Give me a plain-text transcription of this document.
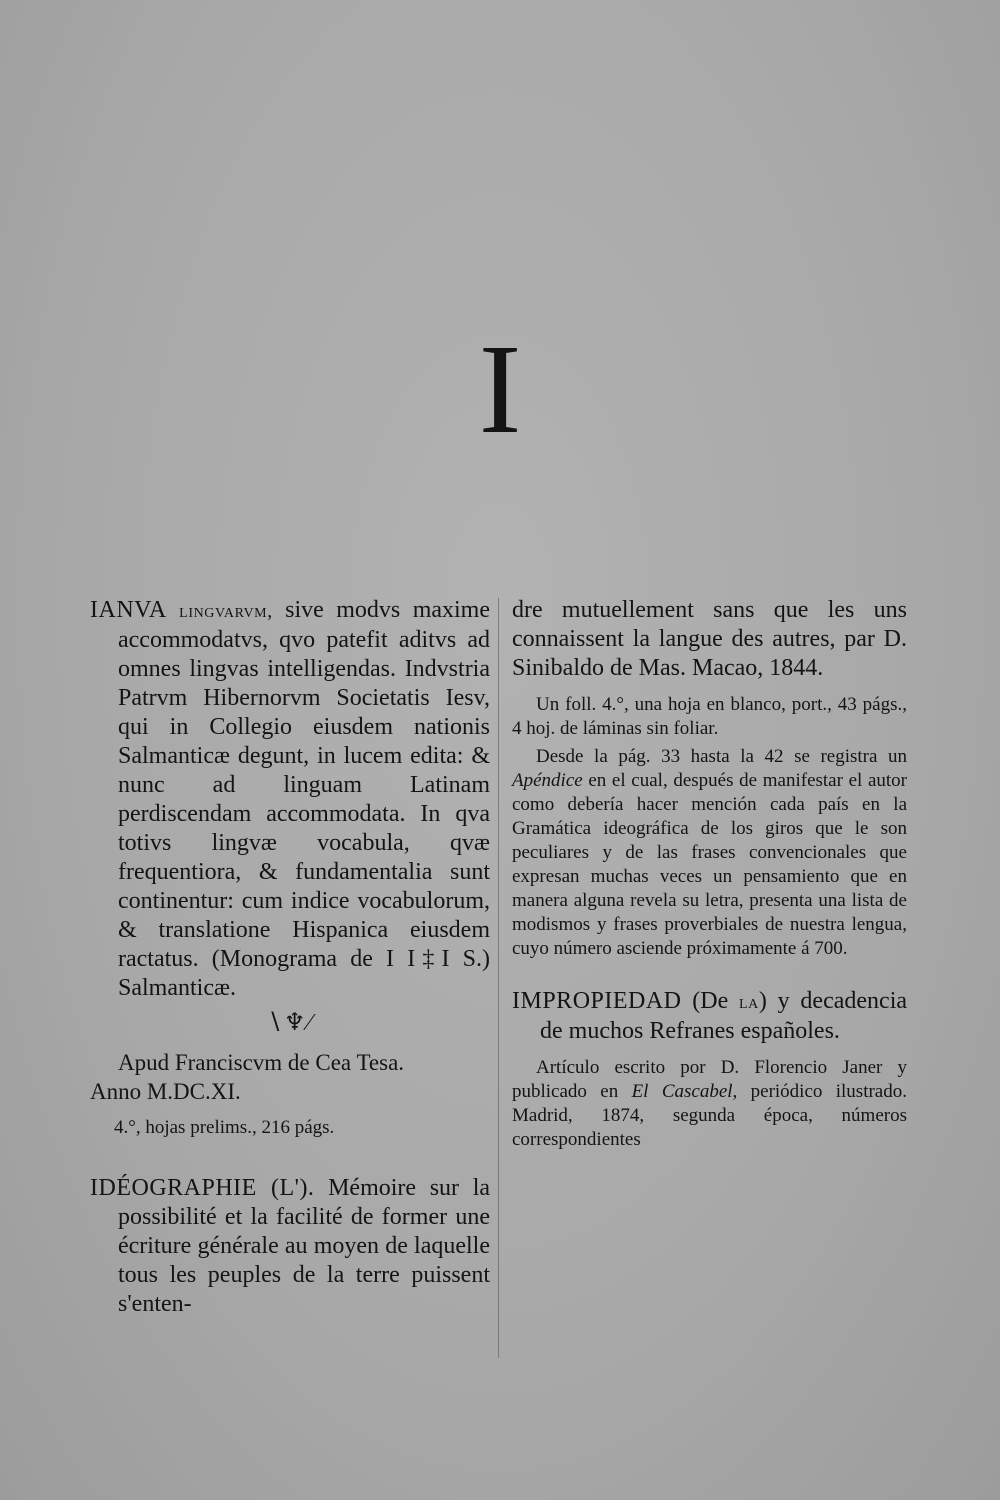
I

IANVA lingvarvm, sive modvs maxime accommodatvs, qvo patefit aditvs ad omnes lingvas intelligendas. Indvstria Patrvm Hibernorvm Societatis Iesv, qui in Collegio eiusdem nationis Salmanticæ degunt, in lucem edita: & nunc ad linguam Latinam perdiscendam accommodata. In qva totivs lingvæ vocabula, qvæ frequentiora, & fundamentalia sunt continentur: cum indice vocabulorum, & translatione Hispanica eiusdem ractatus. (Monograma de I I‡I S.) Salmanticæ.

∖♆⁄

Apud Franciscvm de Cea Tesa.

Anno M.DC.XI.

4.°, hojas prelims., 216 págs.

IDÉOGRAPHIE (L'). Mémoire sur la possibilité et la facilité de former une écriture générale au moyen de laquelle tous les peuples de la terre puissent s'enten-

dre mutuellement sans que les uns connaissent la langue des autres, par D. Sinibaldo de Mas. Macao, 1844.

Un foll. 4.°, una hoja en blanco, port., 43 págs., 4 hoj. de láminas sin foliar.

Desde la pág. 33 hasta la 42 se registra un Apéndice en el cual, después de manifestar el autor como debería hacer mención cada país en la Gramática ideográfica de los giros que le son peculiares y de las frases convencionales que expresan muchas veces un pensamiento que en manera alguna revela su letra, presenta una lista de modismos y frases proverbiales de nuestra lengua, cuyo número asciende próximamente á 700.

IMPROPIEDAD (De la) y decadencia de muchos Refranes españoles.

Artículo escrito por D. Florencio Janer y publicado en El Cascabel, periódico ilustrado. Madrid, 1874, segunda época, números correspondientes
